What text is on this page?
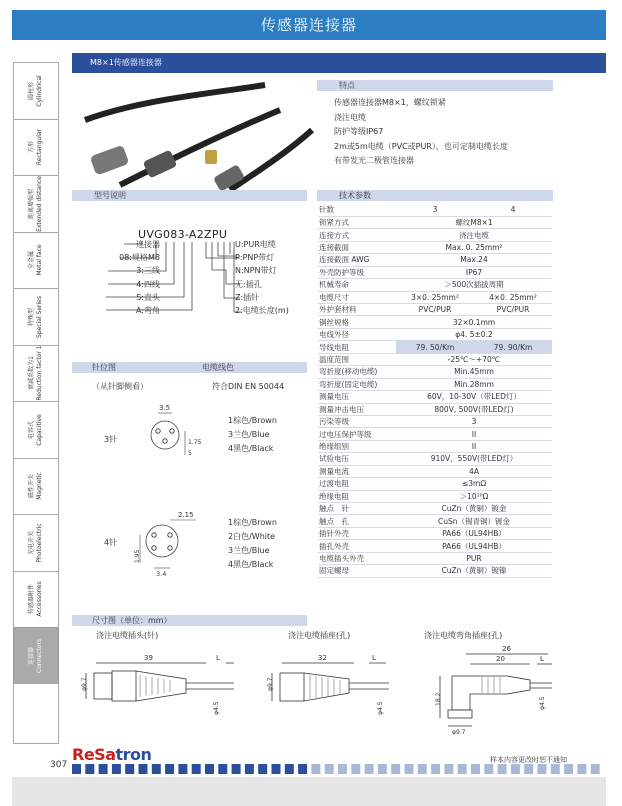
传感器连接器
圆柱形 Cylindrical
方形 Rectangular
距离增强型 Extended distance
全金属 Metal face
特殊型 Special Series
衰减系数为1 Reduction factor 1
电容式 Capacitive
磁性开关 Magnetic
光电开关 Photoelectric
传感器附件 Accessories
连接器 Connectors
M8×1传感器连接器
特点
传感器连接器M8×1，螺纹锁紧
浇注电缆
防护等级IP67
2m或5m电缆（PVC或PUR），也可定制电缆长度
有带发光二极管连接器
型号说明	技术参数
UVG083-A2ZPU
连接器
08:规格M8
3:三线
4:四线
S:直头
A:弯角
U:PUR电缆
P:PNP带灯
N:NPN带灯
无:插孔
Z:插针
2:电缆长度(m)
针数	3	4
锁紧方式	螺纹M8×1	
连接方式	浇注电缆	
连接截面	Max. 0. 25mm²	
连接截面 AWG	Max.24	
外壳防护等级	IP67	
机械寿命	＞500次插拔周期	
电缆尺寸	3×0. 25mm²	4×0. 25mm²
外护套材料	PVC/PUR	PVC/PUR
铜丝规格	32×0.1mm	
电线外径	φ4. 5±0.2	
导线电阻	79. 50/Km	79. 90/Km
温度范围	-25℃～+70℃	
弯折度(移动电缆)	Min.45mm	
弯折度(固定电缆)	Min.28mm	
测量电压	60V，10-30V（带LED灯）	
测量冲击电压	800V, 500V(带LED灯)	
污染等级	3	
过电压保护等级	II	
绝缘组别	II	
试验电压	910V，550V(带LED灯）	
测量电流	4A	
过渡电阻	≤3mΩ	
绝缘电阻	＞10¹⁰Ω	
触点　针	CuZn（黄铜）镀金	
触点　孔	CuSn（锡青铜）镀金	
插针外壳	PA66（UL94HB）	
插孔外壳	PA66（UL94HB）	
电缆插头外壳	PUR	
固定螺母	CuZn（黄铜）镀镍	
针位图	电缆线色
（从针脚侧看）	符合DIN EN 50044
3针
3.5
1.75
5
1棕色/Brown
3兰色/Blue
4黑色/Black
4针
2.15
1.95
3.4
1棕色/Brown
2白色/White
3兰色/Blue
4黑色/Black
尺寸图（单位：mm）
浇注电缆插头(针)	浇注电缆插座(孔)	浇注电缆弯角插座(孔)
39	L
φ9.7
φ4.5
32	L
φ9.7
φ4.5
26
20	L
18.2
φ9.7
φ4.5
307
ReSatron	样本内容更改时恕不通知
